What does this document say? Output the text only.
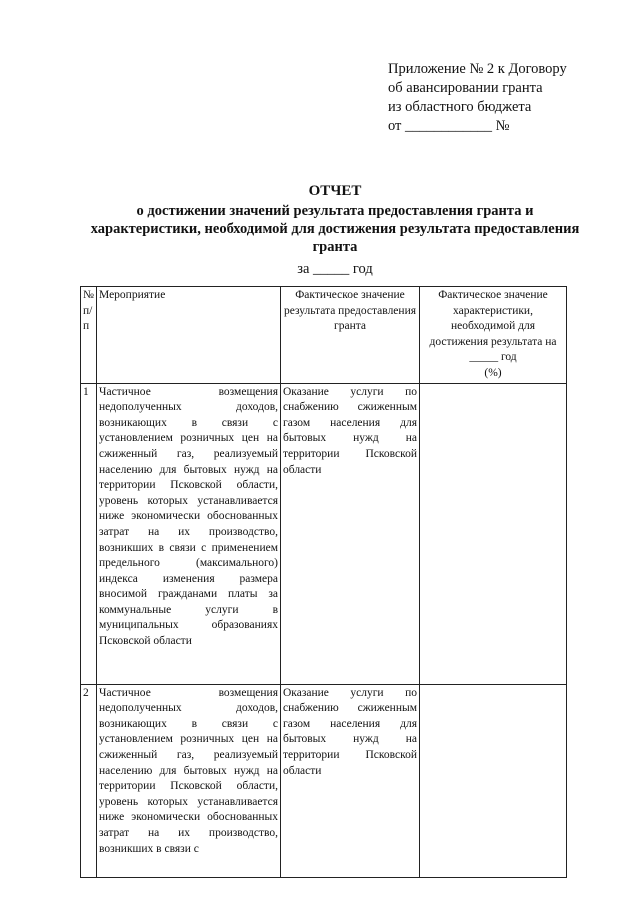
Приложение № 2 к Договору
об авансировании гранта
из областного бюджета
от ____________ №
ОТЧЕТ
о достижении значений результата предоставления гранта и характеристики, необходимой для достижения результата предоставления гранта
за _____ год
№ п/п	Мероприятие	Фактическое значение результата предоставления гранта	Фактическое значение характеристики, необходимой для достижения результата на
_____ год
(%)

1	Частичное возмещения недополученных доходов, возникающих в связи с установлением розничных цен на сжиженный газ, реализуемый населению для бытовых нужд на территории Псковской области, уровень которых устанавливается ниже экономически обоснованных затрат на их производство, возникших в связи с применением предельного (максимального) индекса изменения размера вносимой гражданами платы за коммунальные услуги в муниципальных образованиях Псковской области	Оказание услуги по снабжению сжиженным газом населения для бытовых нужд на территории Псковской области	
2	Частичное возмещения недополученных доходов, возникающих в связи с установлением розничных цен на сжиженный газ, реализуемый населению для бытовых нужд на территории Псковской области, уровень которых устанавливается ниже экономически обоснованных затрат на их производство, возникших в связи с	Оказание услуги по снабжению сжиженным газом населения для бытовых нужд на территории Псковской области	
